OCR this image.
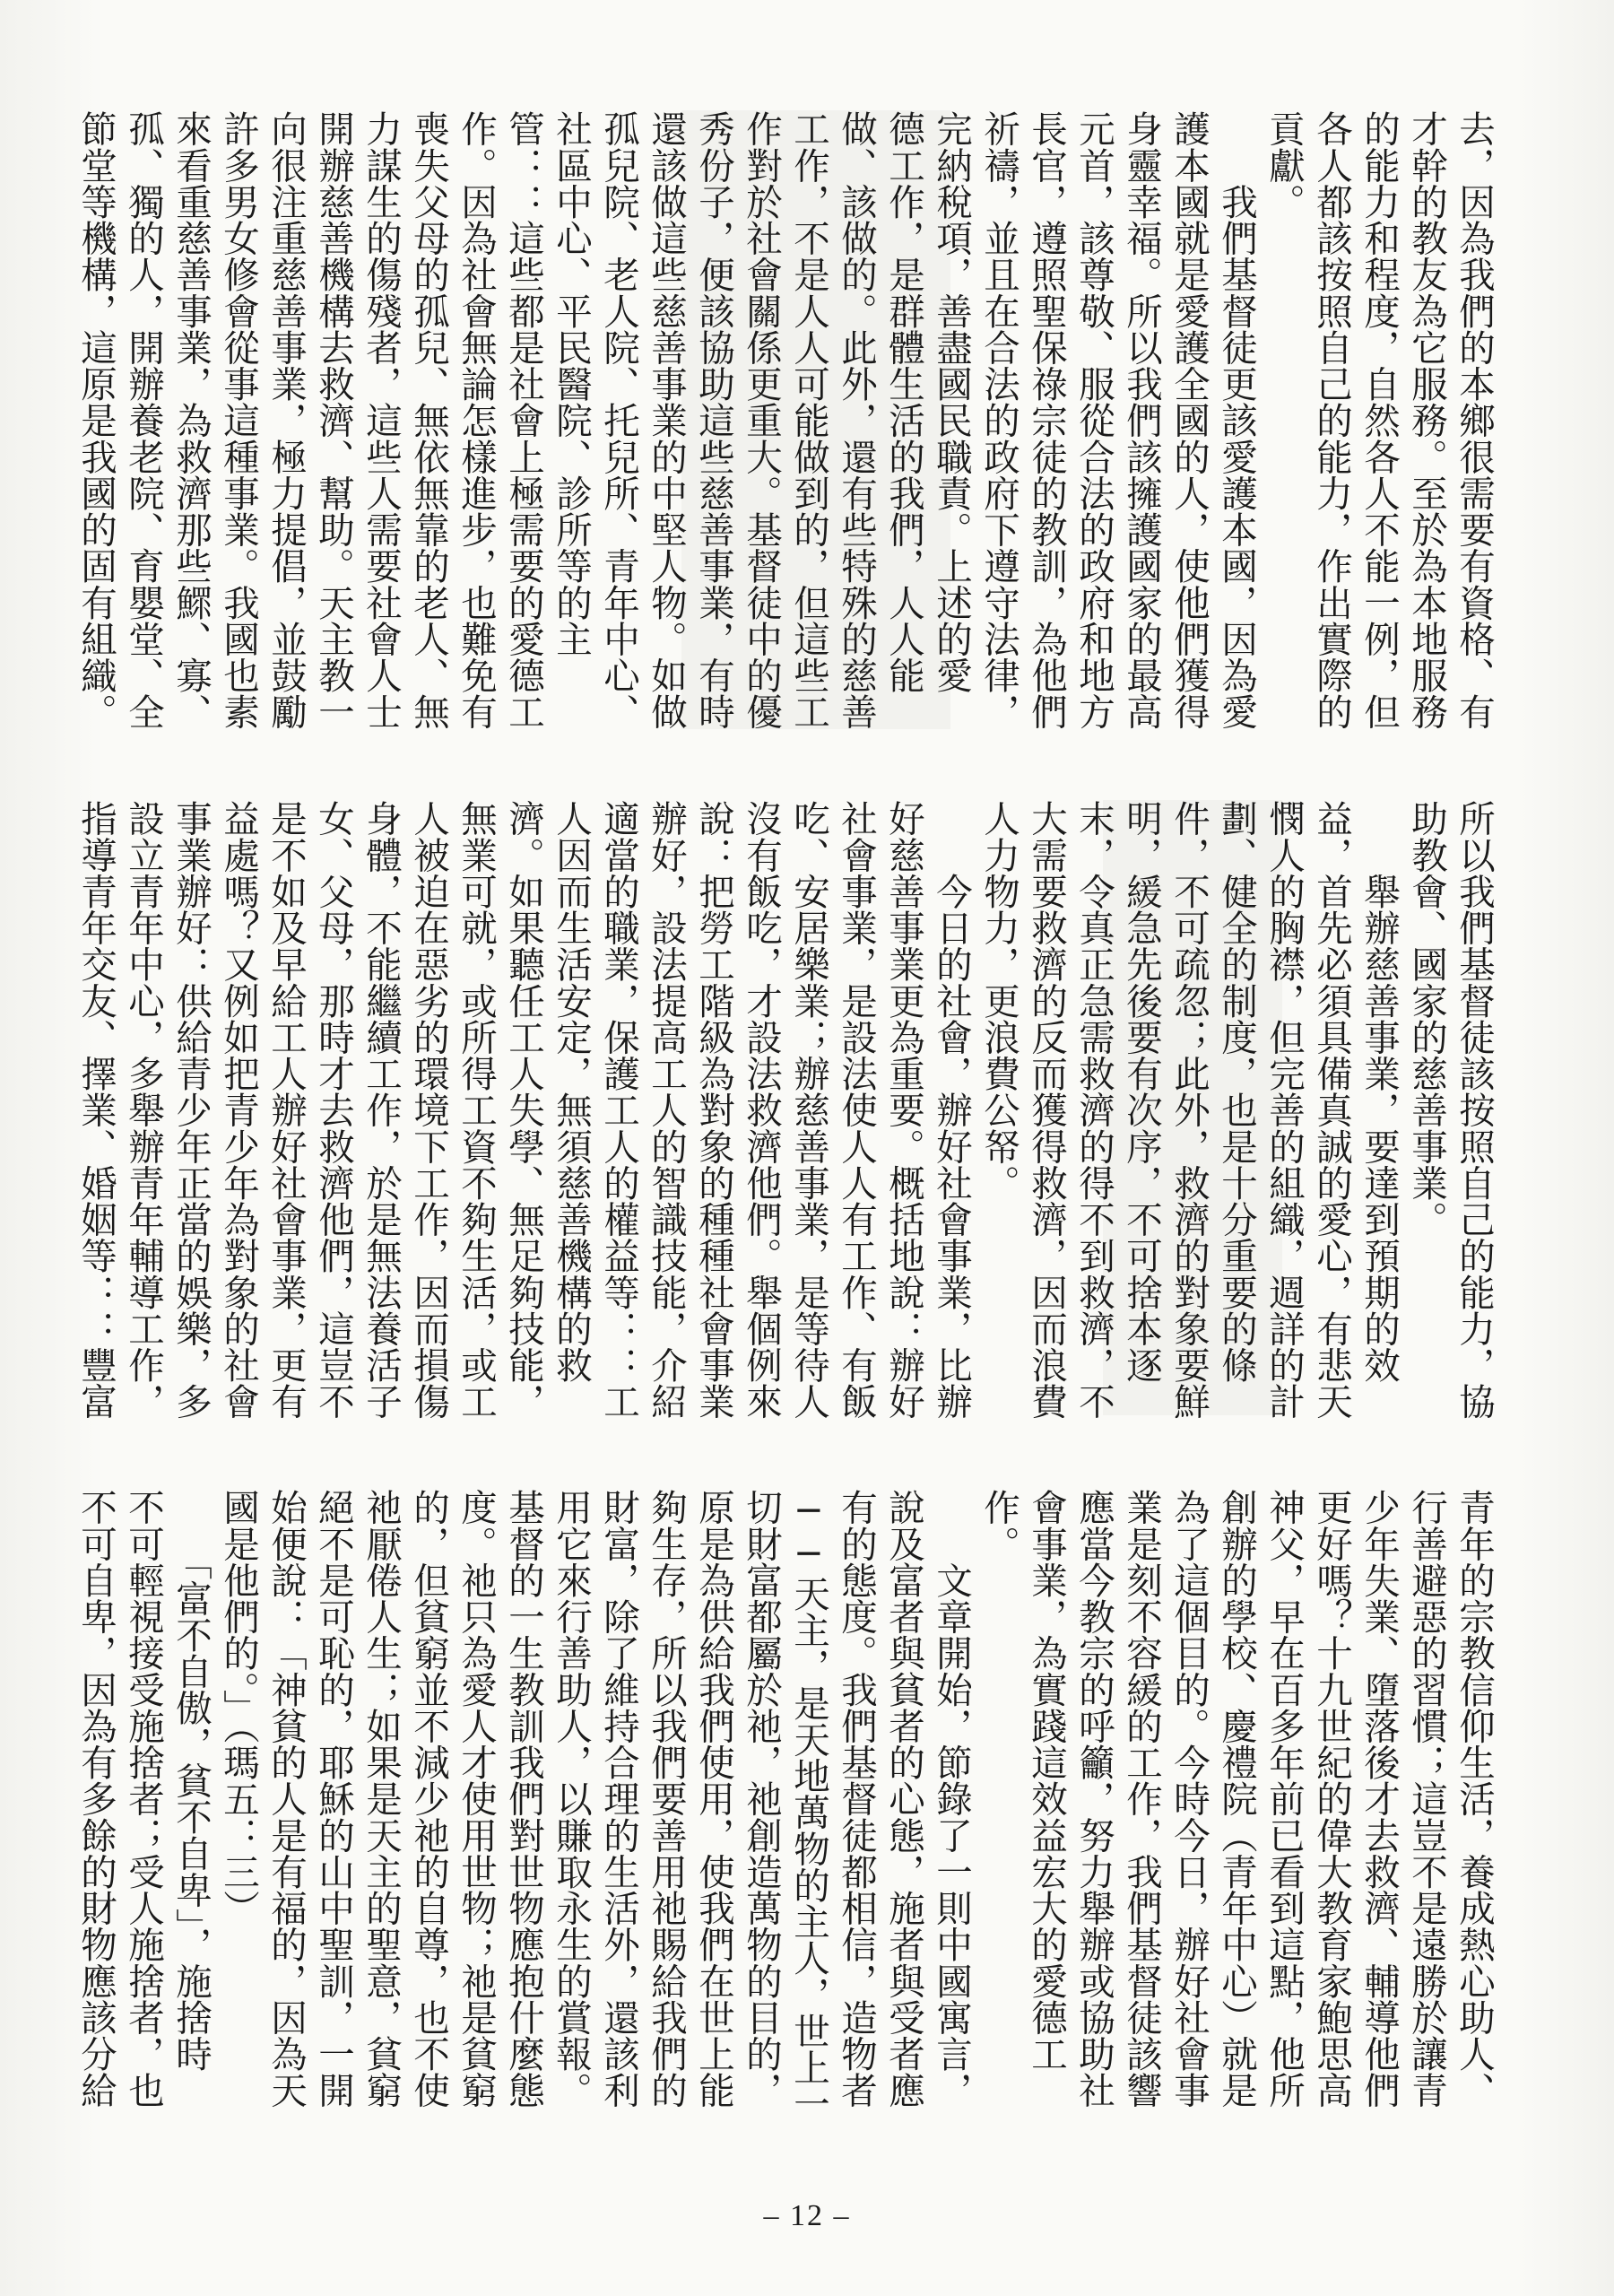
去，因為我們的本鄉很需要有資格、有

才幹的教友為它服務。至於為本地服務

的能力和程度，自然各人不能一例，但

各人都該按照自己的能力，作出實際的

貢獻。

　　我們基督徒更該愛護本國，因為愛

護本國就是愛護全國的人，使他們獲得

身靈幸福。所以我們該擁護國家的最高

元首，該尊敬、服從合法的政府和地方

長官，遵照聖保祿宗徒的教訓，為他們

祈禱，並且在合法的政府下遵守法律，

完納稅項，善盡國民職責。上述的愛

德工作，是群體生活的我們，人人能

做、該做的。此外，還有些特殊的慈善

工作，不是人人可能做到的，但這些工

作對於社會關係更重大。基督徒中的優

秀份子，便該協助這些慈善事業，有時

還該做這些慈善事業的中堅人物。如做

孤兒院、老人院、托兒所、青年中心、

社區中心、平民醫院、診所等的主

管：：這些都是社會上極需要的愛德工

作。因為社會無論怎樣進步，也難免有

喪失父母的孤兒、無依無靠的老人、無

力謀生的傷殘者，這些人需要社會人士

開辦慈善機構去救濟、幫助。天主教一

向很注重慈善事業，極力提倡，並鼓勵

許多男女修會從事這種事業。我國也素

來看重慈善事業，為救濟那些鰥、寡、

孤、獨的人，開辦養老院、育嬰堂、全

節堂等機構，這原是我國的固有組織。

所以我們基督徒該按照自己的能力，協

助教會、國家的慈善事業。

　　舉辦慈善事業，要達到預期的效

益，首先必須具備真誠的愛心，有悲天

憫人的胸襟，但完善的組織，週詳的計

劃、健全的制度，也是十分重要的條

件，不可疏忽；此外，救濟的對象要鮮

明，緩急先後要有次序，不可捨本逐

末，令真正急需救濟的得不到救濟，不

大需要救濟的反而獲得救濟，因而浪費

人力物力，更浪費公帑。

　　今日的社會，辦好社會事業，比辦

好慈善事業更為重要。概括地說：辦好

社會事業，是設法使人人有工作、有飯

吃、安居樂業；辦慈善事業，是等待人

沒有飯吃，才設法救濟他們。舉個例來

說：把勞工階級為對象的種種社會事業

辦好，設法提高工人的智識技能，介紹

適當的職業，保護工人的權益等：：工

人因而生活安定，無須慈善機構的救

濟。如果聽任工人失學、無足夠技能，

無業可就，或所得工資不夠生活，或工

人被迫在惡劣的環境下工作，因而損傷

身體，不能繼續工作，於是無法養活子

女、父母，那時才去救濟他們，這豈不

是不如及早給工人辦好社會事業，更有

益處嗎？又例如把青少年為對象的社會

事業辦好：供給青少年正當的娛樂，多

設立青年中心，多舉辦青年輔導工作，

指導青年交友、擇業、婚姻等：：豐富

青年的宗教信仰生活，養成熱心助人、

行善避惡的習慣；這豈不是遠勝於讓青

少年失業、墮落後才去救濟、輔導他們

更好嗎？十九世紀的偉大教育家鮑思高

神父，早在百多年前已看到這點，他所

創辦的學校、慶禮院（青年中心）就是

為了這個目的。今時今日，辦好社會事

業是刻不容緩的工作，我們基督徒該響

應當今教宗的呼籲，努力舉辦或協助社

會事業，為實踐這效益宏大的愛德工

作。

　　文章開始，節錄了一則中國寓言，

說及富者與貧者的心態，施者與受者應

有的態度。我們基督徒都相信，造物者

──天主，是天地萬物的主人，世上一

切財富都屬於祂，祂創造萬物的目的，

原是為供給我們使用，使我們在世上能

夠生存，所以我們要善用祂賜給我們的

財富，除了維持合理的生活外，還該利

用它來行善助人，以賺取永生的賞報。

基督的一生教訓我們對世物應抱什麼態

度。祂只為愛人才使用世物；祂是貧窮

的，但貧窮並不減少祂的自尊，也不使

祂厭倦人生；如果是天主的聖意，貧窮

絕不是可恥的，耶穌的山中聖訓，一開

始便說：「神貧的人是有福的，因為天

國是他們的。」（瑪五：三）

　　「富不自傲，貧不自卑」，施捨時

不可輕視接受施捨者；受人施捨者，也

不可自卑，因為有多餘的財物應該分給

– 12 –
